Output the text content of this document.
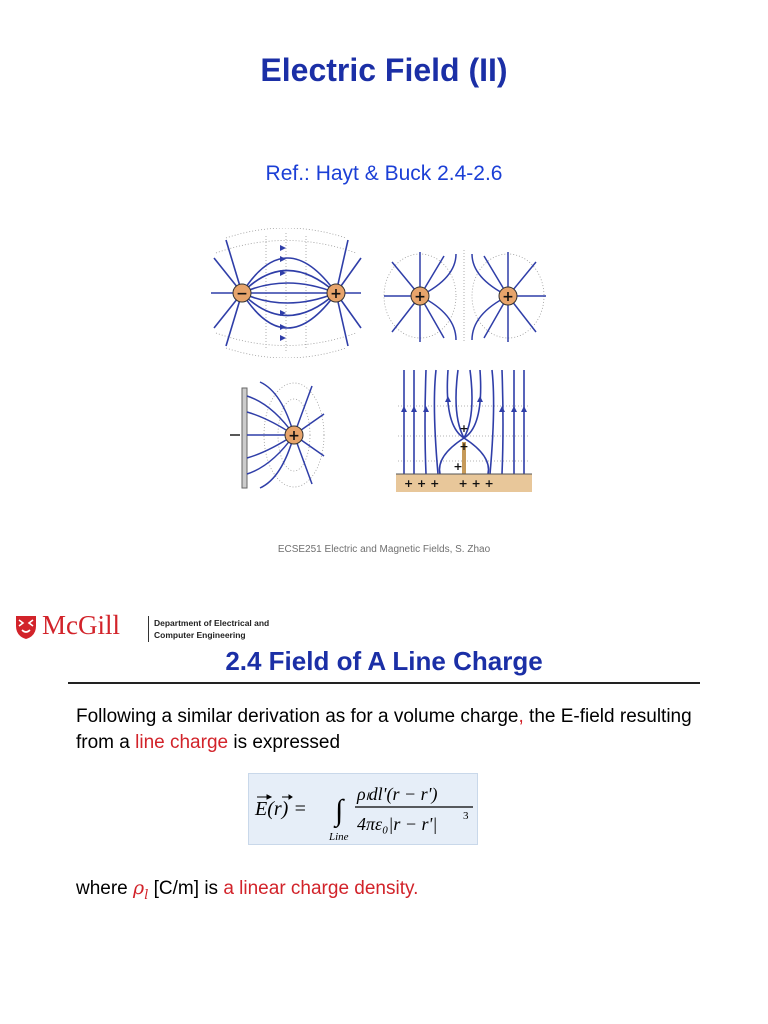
Electric Field (II)
Ref.: Hayt & Buck 2.4-2.6
−	+	+	+
+	+
+
+
+ + +     + + +
ECSE251 Electric and Magnetic Fields, S. Zhao
McGill	Department of Electrical and
Computer Engineering
2.4 Field of A Line Charge
Following a similar derivation as for a volume charge, the E-field resulting from a line charge is expressed
E(r) = ∫
Line
ρₗdl'(r − r')
4πε₀|r − r'| 3
where $\rho_l$ [C/m] is a linear charge density.
